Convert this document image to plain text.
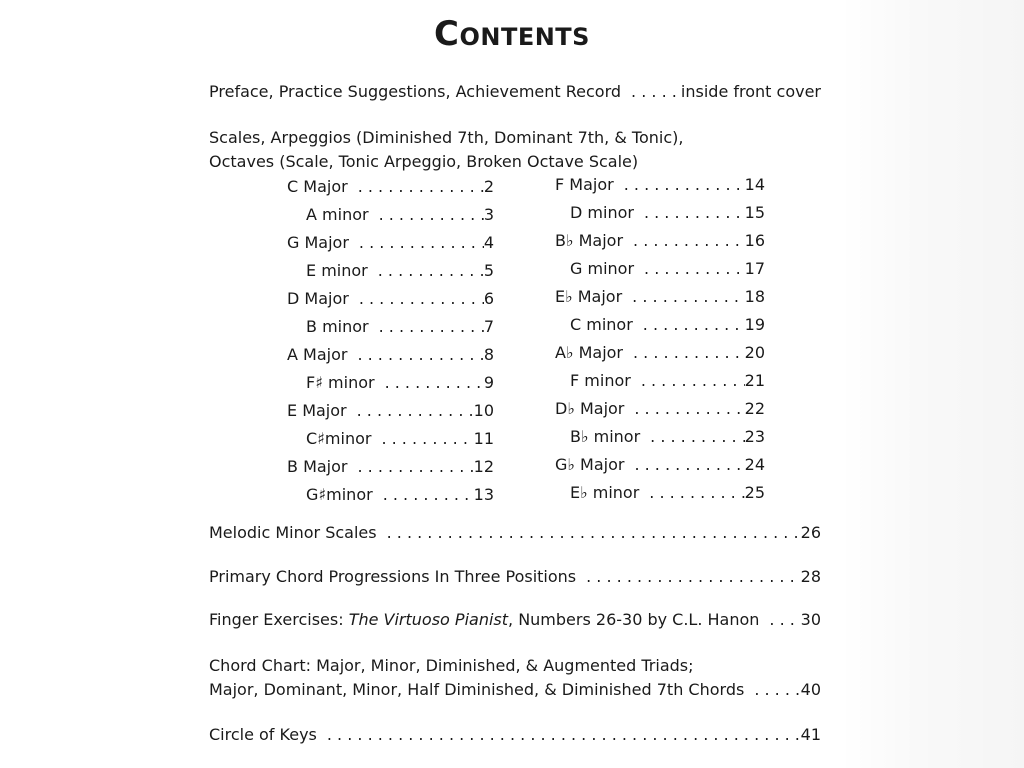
Contents
Preface, Practice Suggestions, Achievement Record . . .	inside front cover
Scales, Arpeggios (Diminished 7th, Dominant 7th, & Tonic),
Octaves (Scale, Tonic Arpeggio, Broken Octave Scale)
C Major . . .	2
A minor . . .	3
G Major . . .	4
E minor . . .	5
D Major . . .	6
B minor . . .	7
A Major . . .	8
F♯ minor . . .	9
E Major . . .	10
C♯minor . . .	11
B Major . . .	12
G♯minor . . .	13
F Major . . .	14
D minor . . .	15
B♭ Major . . .	16
G minor . . .	17
E♭ Major . . .	18
C minor . . .	19
A♭ Major . . .	20
F minor . . .	21
D♭ Major . . .	22
B♭ minor . . .	23
G♭ Major . . .	24
E♭ minor . . .	25
Melodic Minor Scales . . .	26
Primary Chord Progressions In Three Positions . . .	28
Finger Exercises: The Virtuoso Pianist, Numbers 26-30 by C.L. Hanon . . .	30
Chord Chart: Major, Minor, Diminished, & Augmented Triads;
Major, Dominant, Minor, Half Diminished, & Diminished 7th Chords . . .	40
Circle of Keys . . .	41
